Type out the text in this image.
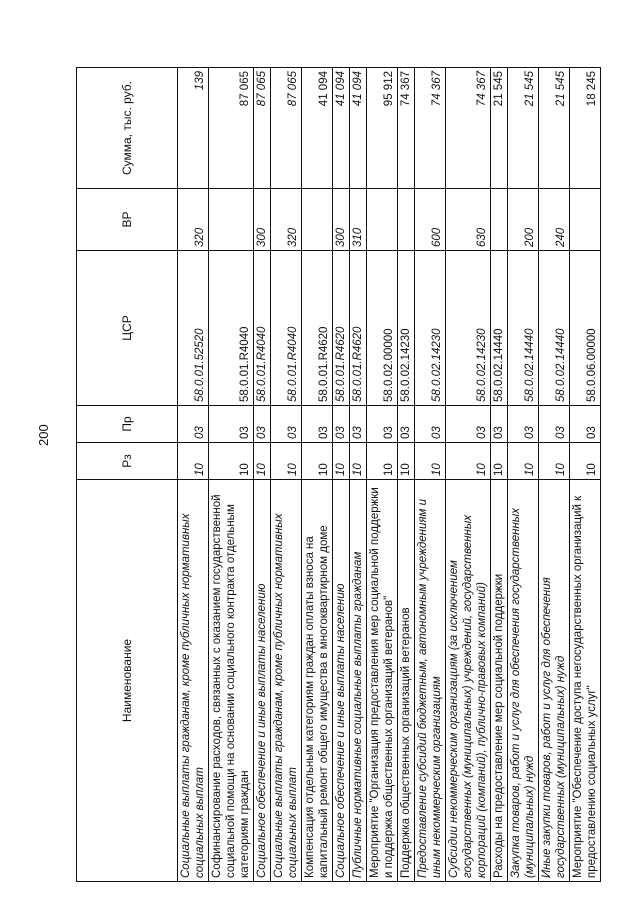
200
Наименование	Рз	Пр	ЦСР	ВР	Сумма, тыс. руб.
Социальные выплаты гражданам, кроме публичных нормативных социальных выплат	10	03	58.0.01.52520	320	139
Софинансирование расходов, связанных с оказанием государственной социальной помощи на основании социального контракта отдельным категориям граждан	10	03	58.0.01.R4040		87 065
Социальное обеспечение и иные выплаты населению	10	03	58.0.01.R4040	300	87 065
Социальные выплаты гражданам, кроме публичных нормативных социальных выплат	10	03	58.0.01.R4040	320	87 065
Компенсация отдельным категориям граждан оплаты взноса на капитальный ремонт общего имущества в многоквартирном доме	10	03	58.0.01.R4620		41 094
Социальное обеспечение и иные выплаты населению	10	03	58.0.01.R4620	300	41 094
Публичные нормативные социальные выплаты гражданам	10	03	58.0.01.R4620	310	41 094
Мероприятие "Организация предоставления мер социальной поддержки и поддержка общественных организаций ветеранов"	10	03	58.0.02.00000		95 912
Поддержка общественных организаций ветеранов	10	03	58.0.02.14230		74 367
Предоставление субсидий бюджетным, автономным учреждениям и иным некоммерческим организациям	10	03	58.0.02.14230	600	74 367
Субсидии некоммерческим организациям (за исключением государственных (муниципальных) учреждений, государственных корпораций (компаний), публично-правовых компаний)	10	03	58.0.02.14230	630	74 367
Расходы на предоставление мер социальной поддержки	10	03	58.0.02.14440		21 545
Закупка товаров, работ и услуг для обеспечения государственных (муниципальных) нужд	10	03	58.0.02.14440	200	21 545
Иные закупки товаров, работ и услуг для обеспечения государственных (муниципальных) нужд	10	03	58.0.02.14440	240	21 545
Мероприятие "Обеспечение доступа негосударственных организаций к предоставлению социальных услуг"	10	03	58.0.06.00000		18 245
